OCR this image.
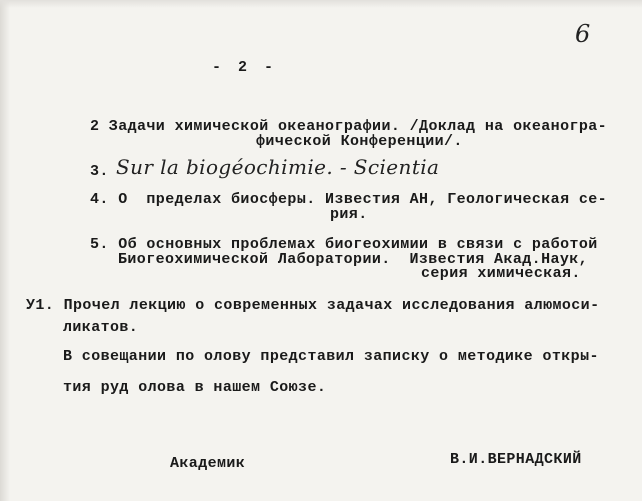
6
- 2 -
2 Задачи химической океанографии. /Доклад на океаногра-
фической Конференции/.
3. Sur la biogéochimie. - Scientia
4. О  пределах биосферы. Известия АН, Геологическая се-
рия.
5. Об основных проблемах биогеохимии в связи с работой
Биогеохимической Лаборатории.  Известия Акад.Наук,
серия химическая.
У1. Прочел лекцию о современных задачах исследования алюмоси-
ликатов.
В совещании по олову представил записку о методике откры-
тия руд олова в нашем Союзе.
Академик	В.И.ВЕРНАДСКИЙ
